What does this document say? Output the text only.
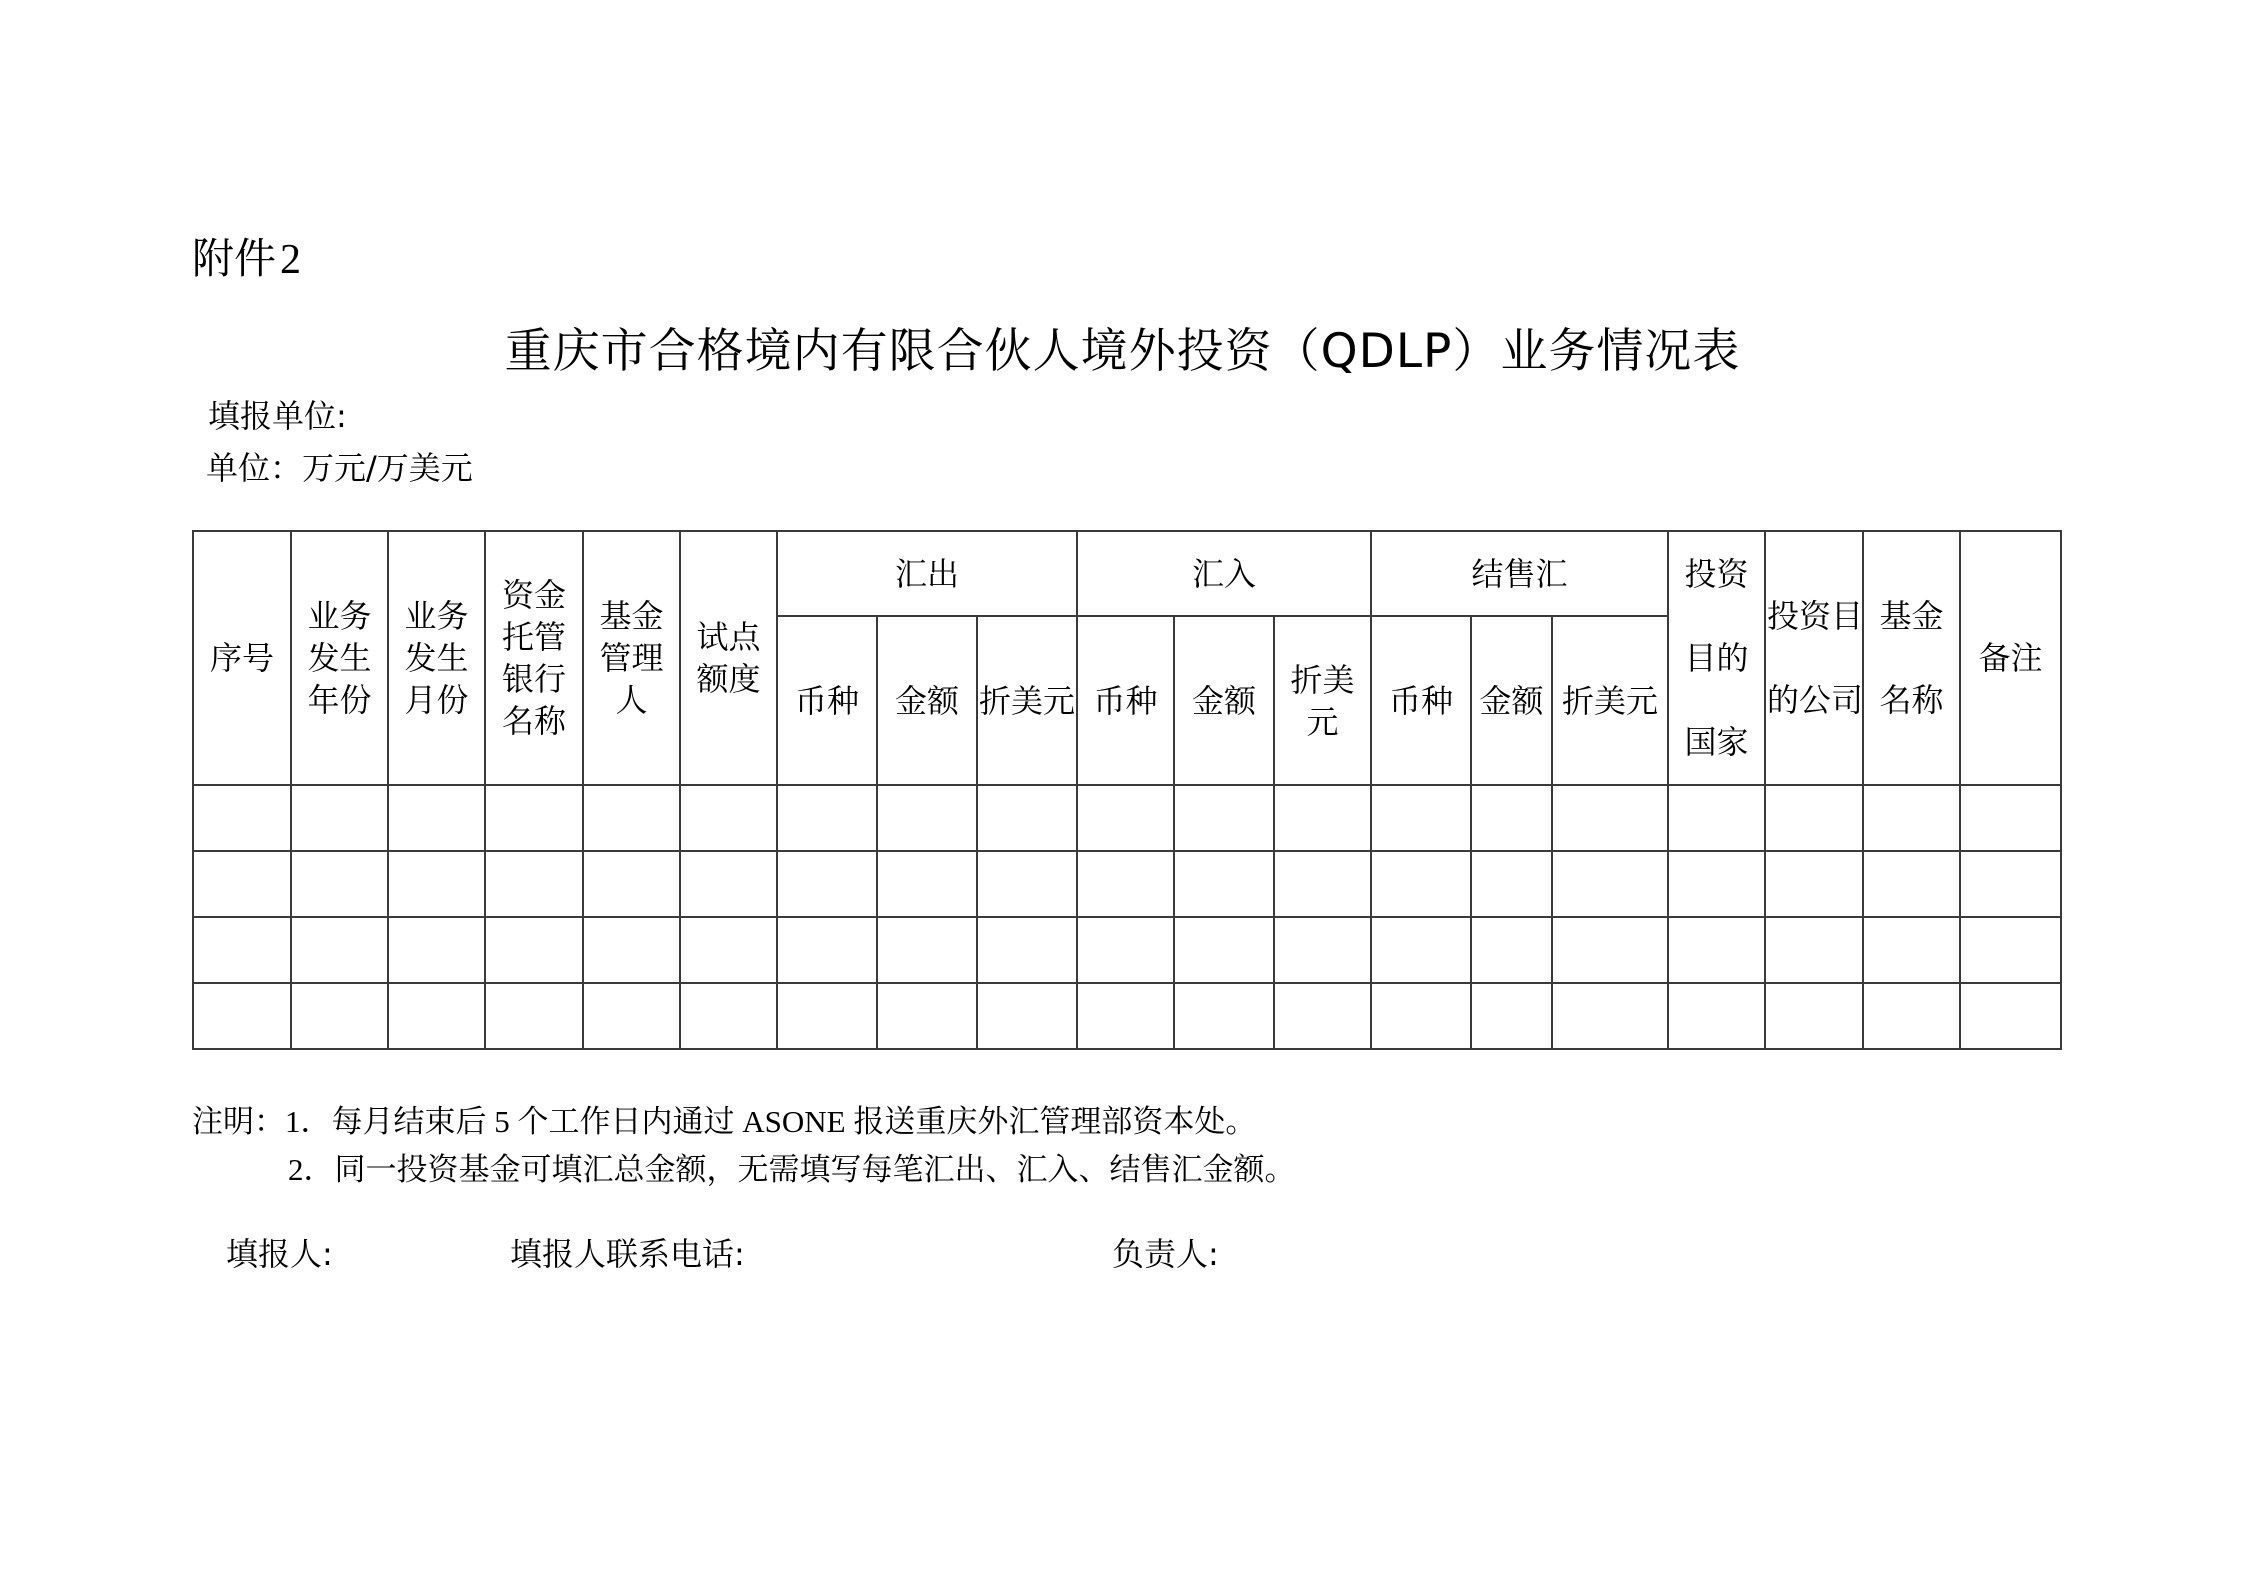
附件2
重庆市合格境内有限合伙人境外投资（QDLP）业务情况表
填报单位:
单位：万元/万美元
序号	业务发生年份	业务发生月份	资金托管银行名称	基金管理人	试点额度	汇出			汇入			结售汇			投资目的国家	投资目的公司	基金名称	备注
						币种	金额	折美元	币种	金额	折美元	币种	金额	折美元				

注明：1．每月结束后 5 个工作日内通过 ASONE 报送重庆外汇管理部资本处。
2．同一投资基金可填汇总金额，无需填写每笔汇出、汇入、结售汇金额。
填报人:	填报人联系电话:	负责人:
